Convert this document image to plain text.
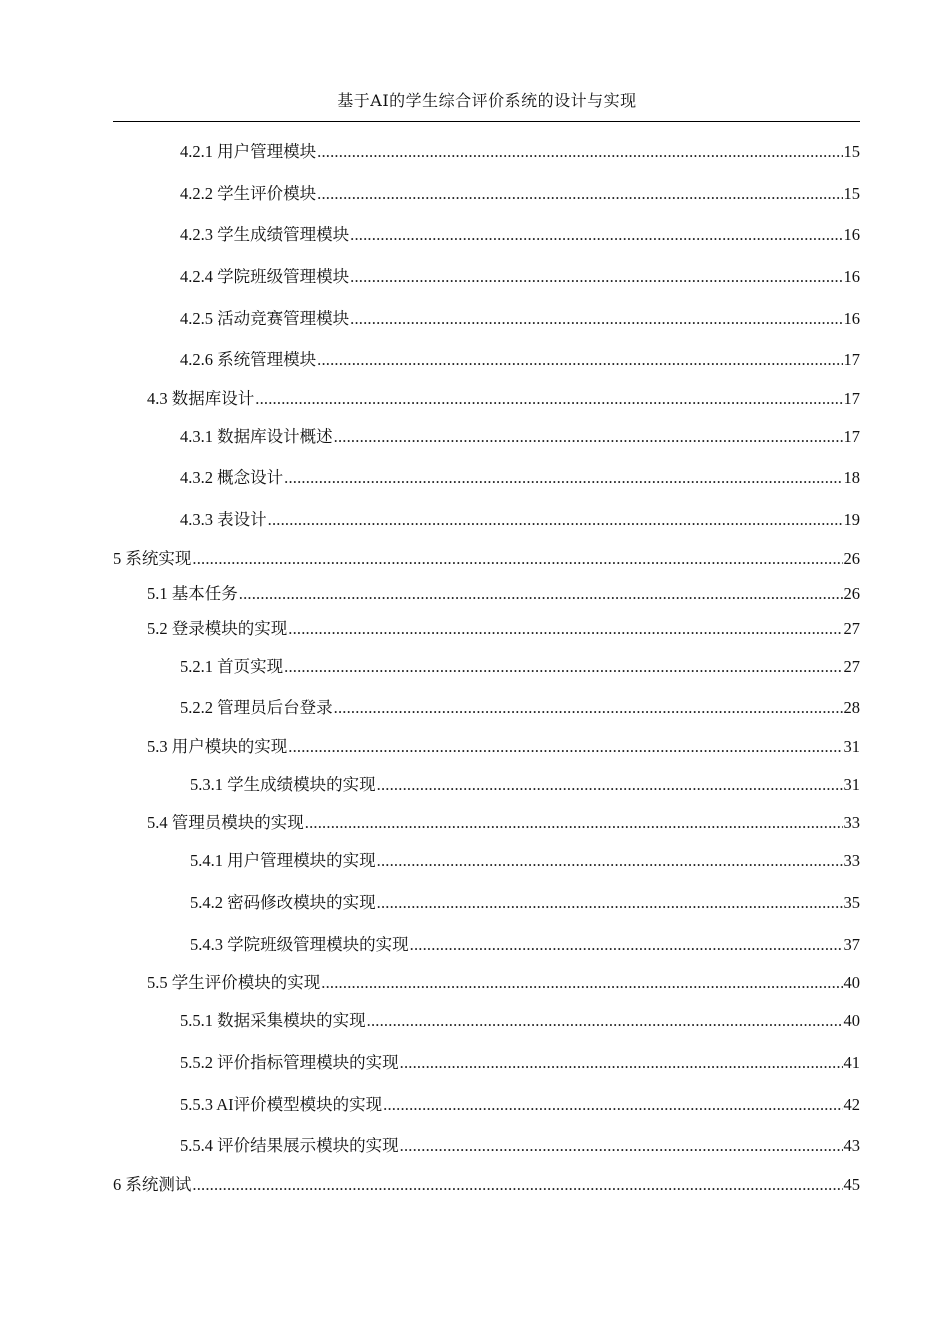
基于AI的学生综合评价系统的设计与实现
4.2.1 用户管理模块 .....	15
4.2.2 学生评价模块 .....	15
4.2.3 学生成绩管理模块 .....	16
4.2.4 学院班级管理模块 .....	16
4.2.5 活动竞赛管理模块 .....	16
4.2.6 系统管理模块 .....	17
4.3 数据库设计 .....	17
4.3.1 数据库设计概述 .....	17
4.3.2 概念设计 .....	18
4.3.3 表设计 .....	19
5 系统实现 .....	26
5.1 基本任务 .....	26
5.2 登录模块的实现 .....	27
5.2.1 首页实现 .....	27
5.2.2 管理员后台登录 .....	28
5.3 用户模块的实现 .....	31
5.3.1 学生成绩模块的实现 .....	31
5.4 管理员模块的实现 .....	33
5.4.1 用户管理模块的实现 .....	33
5.4.2 密码修改模块的实现 .....	35
5.4.3 学院班级管理模块的实现 .....	37
5.5 学生评价模块的实现 .....	40
5.5.1 数据采集模块的实现 .....	40
5.5.2 评价指标管理模块的实现 .....	41
5.5.3 AI评价模型模块的实现 .....	42
5.5.4 评价结果展示模块的实现 .....	43
6 系统测试 .....	45
